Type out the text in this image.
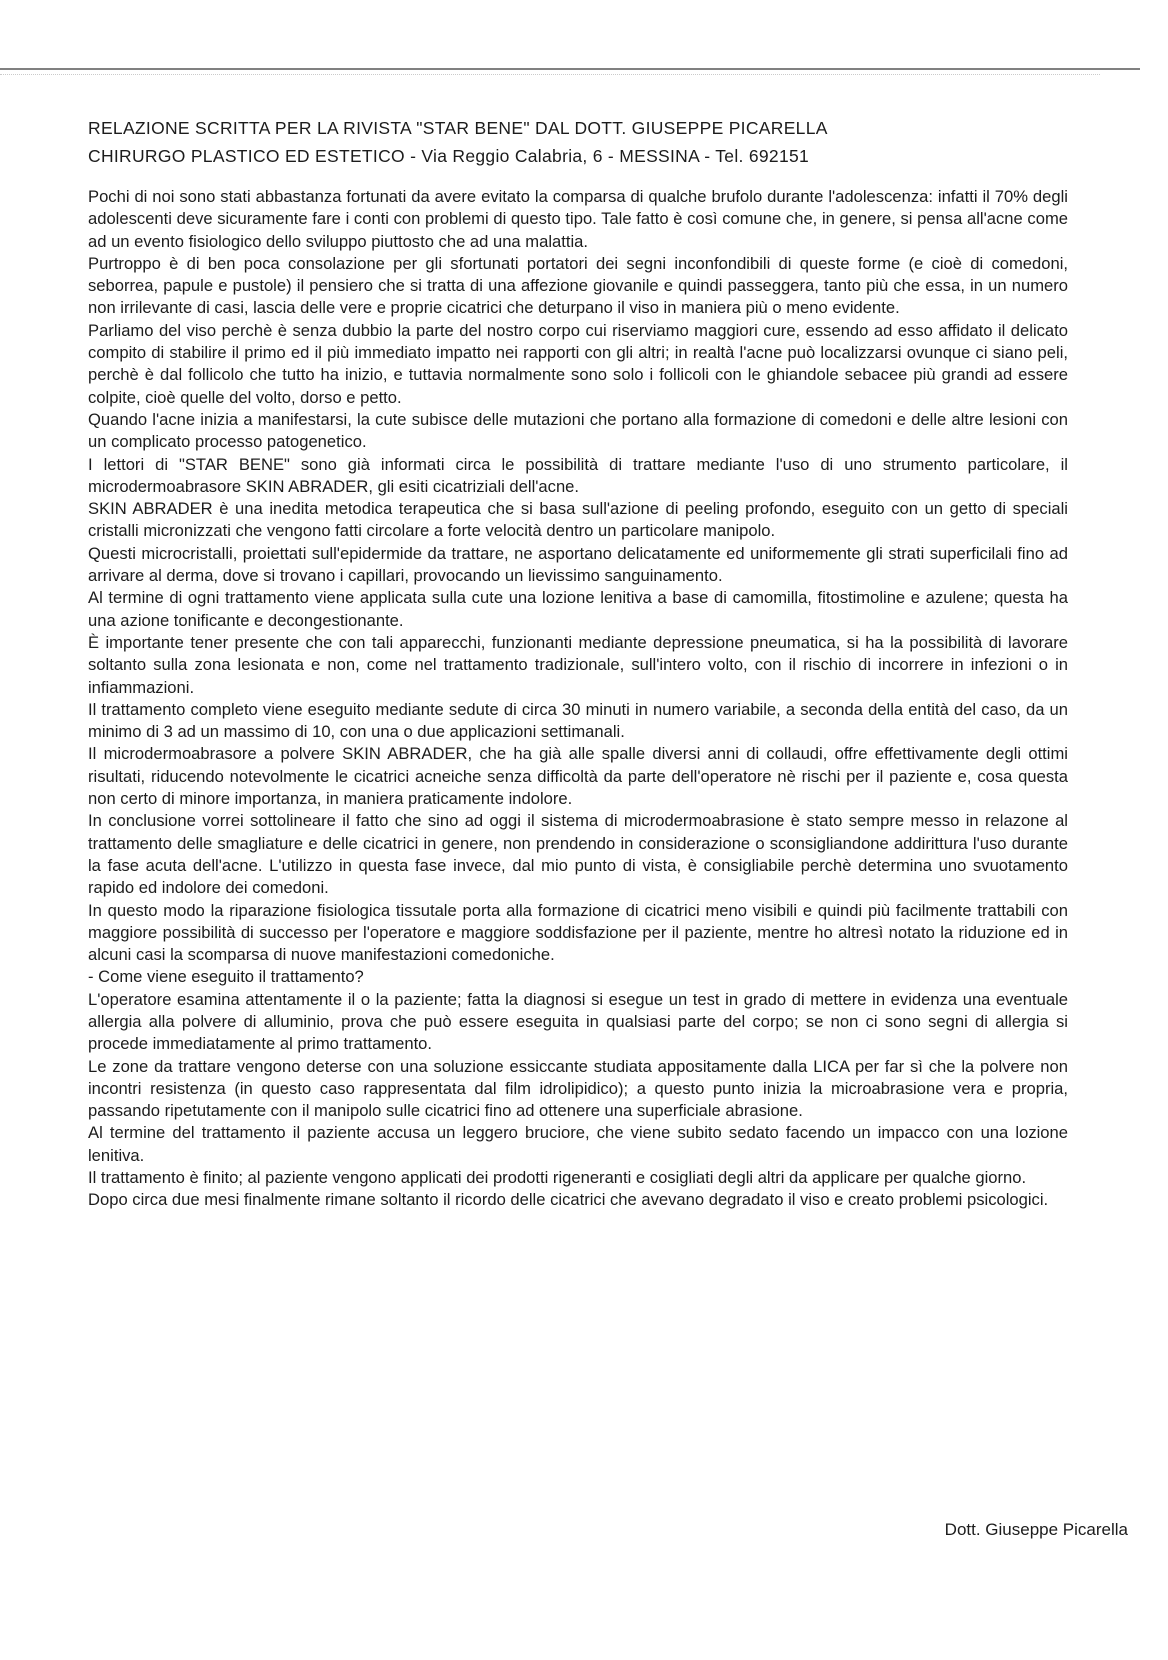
RELAZIONE SCRITTA PER LA RIVISTA "STAR BENE" DAL DOTT. GIUSEPPE PICARELLA
CHIRURGO PLASTICO ED ESTETICO - Via Reggio Calabria, 6 - MESSINA - Tel. 692151

Pochi di noi sono stati abbastanza fortunati da avere evitato la comparsa di qualche brufolo durante l'adolescenza: infatti il 70% degli adolescenti deve sicuramente fare i conti con problemi di questo tipo. Tale fatto è così comune che, in genere, si pensa all'acne come ad un evento fisiologico dello sviluppo piuttosto che ad una malattia.

Purtroppo è di ben poca consolazione per gli sfortunati portatori dei segni inconfondibili di queste forme (e cioè di comedoni, seborrea, papule e pustole) il pensiero che si tratta di una affezione giovanile e quindi passeggera, tanto più che essa, in un numero non irrilevante di casi, lascia delle vere e proprie cicatrici che deturpano il viso in maniera più o meno evidente.

Parliamo del viso perchè è senza dubbio la parte del nostro corpo cui riserviamo maggiori cure, essendo ad esso affidato il delicato compito di stabilire il primo ed il più immediato impatto nei rapporti con gli altri; in realtà l'acne può localizzarsi ovunque ci siano peli, perchè è dal follicolo che tutto ha inizio, e tuttavia normalmente sono solo i follicoli con le ghiandole sebacee più grandi ad essere colpite, cioè quelle del volto, dorso e petto.

Quando l'acne inizia a manifestarsi, la cute subisce delle mutazioni che portano alla formazione di comedoni e delle altre lesioni con un complicato processo patogenetico.

I lettori di "STAR BENE" sono già informati circa le possibilità di trattare mediante l'uso di uno strumento particolare, il microdermoabrasore SKIN ABRADER, gli esiti cicatriziali dell'acne.

SKIN ABRADER è una inedita metodica terapeutica che si basa sull'azione di peeling profondo, eseguito con un getto di speciali cristalli micronizzati che vengono fatti circolare a forte velocità dentro un particolare manipolo.

Questi microcristalli, proiettati sull'epidermide da trattare, ne asportano delicatamente ed uniformemente gli strati superficilali fino ad arrivare al derma, dove si trovano i capillari, provocando un lievissimo sanguinamento.

Al termine di ogni trattamento viene applicata sulla cute una lozione lenitiva a base di camomilla, fitostimoline e azulene; questa ha una azione tonificante e decongestionante.

È importante tener presente che con tali apparecchi, funzionanti mediante depressione pneumatica, si ha la possibilità di lavorare soltanto sulla zona lesionata e non, come nel trattamento tradizionale, sull'intero volto, con il rischio di incorrere in infezioni o in infiammazioni.

Il trattamento completo viene eseguito mediante sedute di circa 30 minuti in numero variabile, a seconda della entità del caso, da un minimo di 3 ad un massimo di 10, con una o due applicazioni settimanali.

Il microdermoabrasore a polvere SKIN ABRADER, che ha già alle spalle diversi anni di collaudi, offre effettivamente degli ottimi risultati, riducendo notevolmente le cicatrici acneiche senza difficoltà da parte dell'operatore nè rischi per il paziente e, cosa questa non certo di minore importanza, in maniera praticamente indolore.

In conclusione vorrei sottolineare il fatto che sino ad oggi il sistema di microdermoabrasione è stato sempre messo in relazone al trattamento delle smagliature e delle cicatrici in genere, non prendendo in considerazione o sconsigliandone addirittura l'uso durante la fase acuta dell'acne. L'utilizzo in questa fase invece, dal mio punto di vista, è consigliabile perchè determina uno svuotamento rapido ed indolore dei comedoni.

In questo modo la riparazione fisiologica tissutale porta alla formazione di cicatrici meno visibili e quindi più facilmente trattabili con maggiore possibilità di successo per l'operatore e maggiore soddisfazione per il paziente, mentre ho altresì notato la riduzione ed in alcuni casi la scomparsa di nuove manifestazioni comedoniche.

- Come viene eseguito il trattamento?

L'operatore esamina attentamente il o la paziente; fatta la diagnosi si esegue un test in grado di mettere in evidenza una eventuale allergia alla polvere di alluminio, prova che può essere eseguita in qualsiasi parte del corpo; se non ci sono segni di allergia si procede immediatamente al primo trattamento.

Le zone da trattare vengono deterse con una soluzione essiccante studiata appositamente dalla LICA per far sì che la polvere non incontri resistenza (in questo caso rappresentata dal film idrolipidico); a questo punto inizia la microabrasione vera e propria, passando ripetutamente con il manipolo sulle cicatrici fino ad ottenere una superficiale abrasione.

Al termine del trattamento il paziente accusa un leggero bruciore, che viene subito sedato facendo un impacco con una lozione lenitiva.

Il trattamento è finito; al paziente vengono applicati dei prodotti rigeneranti e cosigliati degli altri da applicare per qualche giorno.

Dopo circa due mesi finalmente rimane soltanto il ricordo delle cicatrici che avevano degradato il viso e creato problemi psicologici.

Dott. Giuseppe Picarella
